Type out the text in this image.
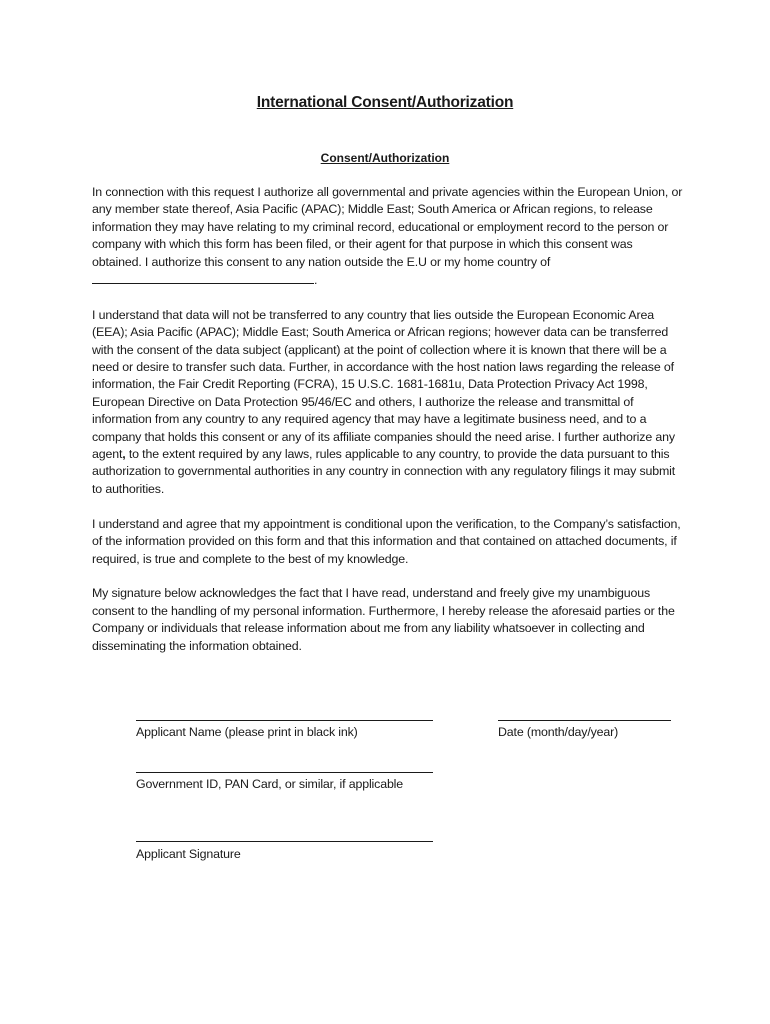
International Consent/Authorization
Consent/Authorization

In connection with this request I authorize all governmental and private agencies within the European Union, or any member state thereof, Asia Pacific (APAC); Middle East; South America or African regions, to release information they may have relating to my criminal record, educational or employment record to the person or company with which this form has been filed, or their agent for that purpose in which this consent was obtained. I authorize this consent to any nation outside the E.U or my home country of.

I understand that data will not be transferred to any country that lies outside the European Economic Area (EEA); Asia Pacific (APAC); Middle East; South America or African regions; however data can be transferred with the consent of the data subject (applicant) at the point of collection where it is known that there will be a need or desire to transfer such data. Further, in accordance with the host nation laws regarding the release of information, the Fair Credit Reporting (FCRA), 15 U.S.C. 1681-1681u, Data Protection Privacy Act 1998, European Directive on Data Protection 95/46/EC and others, I authorize the release and transmittal of information from any country to any required agency that may have a legitimate business need, and to a company that holds this consent or any of its affiliate companies should the need arise. I further authorize any agent, to the extent required by any laws, rules applicable to any country, to provide the data pursuant to this authorization to governmental authorities in any country in connection with any regulatory filings it may submit to authorities.

I understand and agree that my appointment is conditional upon the verification, to the Company’s satisfaction, of the information provided on this form and that this information and that contained on attached documents, if required, is true and complete to the best of my knowledge.

My signature below acknowledges the fact that I have read, understand and freely give my unambiguous consent to the handling of my personal information. Furthermore, I hereby release the aforesaid parties or the Company or individuals that release information about me from any liability whatsoever in collecting and disseminating the information obtained.

Applicant Name (please print in black ink)	Date (month/day/year)
Government ID, PAN Card, or similar, if applicable
Applicant Signature
